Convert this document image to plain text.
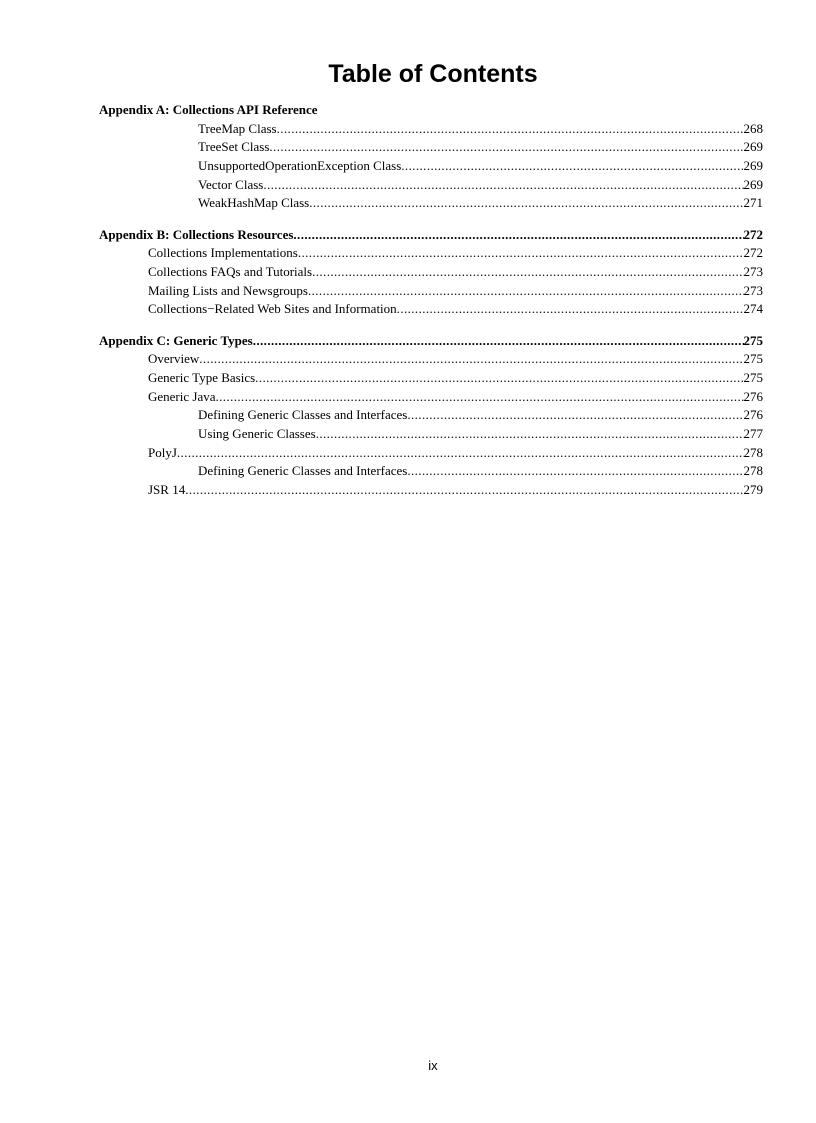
Table of Contents
Appendix A: Collections API Reference
TreeMap Class .....	268
TreeSet Class .....	269
UnsupportedOperationException Class .....	269
Vector Class .....	269
WeakHashMap Class .....	271
Appendix B: Collections Resources .....	272
Collections Implementations .....	272
Collections FAQs and Tutorials .....	273
Mailing Lists and Newsgroups .....	273
Collections−Related Web Sites and Information .....	274
Appendix C: Generic Types .....	275
Overview .....	275
Generic Type Basics .....	275
Generic Java .....	276
Defining Generic Classes and Interfaces .....	276
Using Generic Classes .....	277
PolyJ .....	278
Defining Generic Classes and Interfaces .....	278
JSR 14 .....	279
ix
